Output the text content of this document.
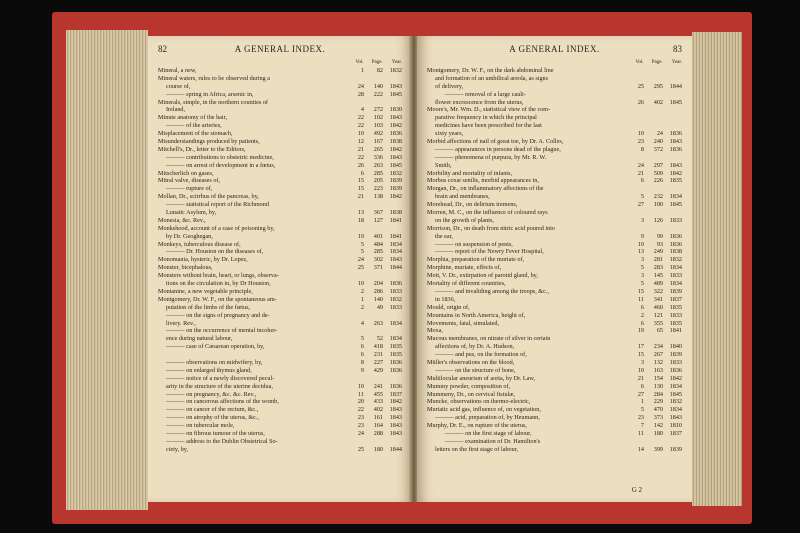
82	A GENERAL INDEX.
Vol. Page. Year.
Mineral, a new,	1	82	1832
Mineral waters, rules to be observed during a
course of,	24	140	1843
——— spring in Africa, arsenic in,	28	222	1845
Minerals, simple, in the northern counties of
Ireland,	4	272	1830
Minute anatomy of the hair,	22	102	1843
——— of the arteries,	22	103	1842
Misplacement of the stomach,	10	492	1836
Misunderstandings produced by patients,	12	167	1838
Mitchell's, Dr., letter to the Editors,	21	265	1842
——— contributions to obstetric medicine,	22	336	1843
——— on arrest of development in a fœtus,	26	263	1845
Mitscherlich on gases,	6	285	1832
Mitral valve, diseases of,	15	205	1839
——— rupture of,	15	223	1839
Mollan, Dr., scirrhus of the pancreas, by,	21	138	1842
——— statistical report of the Richmond
Lunatic Asylum, by,	13	367	1838
Monesia, &c. Rev.,	18	127	1841
Monkshood, account of a case of poisoning by,
by Dr. Geoghegan,	19	401	1841
Monkeys, tuberculous disease of,	5	484	1834
——— Dr. Houston on the diseases of,	5	285	1834
Monomania, hysteric, by Dr. Lopez,	24	302	1843
Monster, bicephalous,	25	371	1844
Monsters without brain, heart, or lungs, observa-
tions on the circulation in, by Dr Houston,	10	204	1836
Montanine, a new vegetable principle,	2	286	1833
Montgomery, Dr. W. F., on the spontaneous am-	1	140	1832
putation of the limbs of the fœtus,	2	49	1833
——— on the signs of pregnancy and de-
livery. Rev.,	4	263	1834
——— on the occurrence of mental incoher-
ence during natural labour,	5	52	1834
——— case of Cæsarean operation, by,	6	418	1835
6	231	1835
——— observations on midwifery, by,	8	227	1836
——— on enlarged thymus gland,	9	429	1836
——— notice of a newly discovered pecul-
arity in the structure of the uterine decidua,	10	241	1836
——— on pregnancy, &c. &c. Rev.,	11	455	1837
——— on cancerous affections of the womb,	20	433	1842
——— on cancer of the rectum, &c.,	22	402	1843
——— on atrophy of the uterus, &c.,	23	161	1843
——— on tubercular mole,	23	164	1843
——— on fibrous tumour of the uterus,	24	288	1843
——— address to the Dublin Obstetrical So-
ciety, by,	25	180	1844
A GENERAL INDEX.	83
Vol. Page. Year.
Montgomery, Dr. W. F., on the dark abdominal line
and formation of an umbilical areola, as signs
of delivery,	25	295	1844
——— removal of a large cauli-
flower excrescence from the uterus,	26	402	1845
Moore's, Mr. Wm. D., statistical view of the com-
parative frequency in which the principal
medicines have been prescribed for the last
sixty years,	10	24	1836
Morbid affections of nail of great toe, by Dr. A. Colles,	23	240	1843
——— appearances in persons dead of the plague,	8	372	1836
——— phenomena of purpura, by Mr. R. W.
Smith,	24	297	1843
Morbility and mortality of infants,	21	509	1842
Morbus coxæ senilis, morbid appearances in,	6	226	1835
Morgan, Dr., on inflammatory affections of the
brain and membranes,	5	232	1834
Morehead, Dr., on delirium tremens,	27	100	1845
Morren, M. C., on the influence of coloured rays
on the growth of plants,	3	126	1833
Morrison, Dr., on death from nitric acid poured into
the ear,	9	99	1836
——— on suspension of penis,	10	93	1836
——— report of the Newry Fever Hospital,	13	249	1838
Morphia, preparation of the muriate of,	3	281	1832
Morphine, muriate, effects of,	5	283	1834
Mott, V. Dr., extirpation of parotid gland, by,	3	145	1833
Mortality of different countries,	5	489	1834
——— and invaliding among the troops, &c.,	15	322	1839
in 1836,	11	341	1837
Mould, origin of,	6	460	1835
Mountains in North America, height of,	2	121	1833
Movements, fatal, simulated,	6	355	1835
Moxa,	19	65	1841
Mucous membranes, on nitrate of silver in certain
affections of, by Dr. A. Hudson,	17	234	1840
——— and pus, on the formation of,	15	267	1839
Müller's observations on the blood,	3	132	1833
——— on the structure of bone,	10	163	1836
Multilocular aneurism of aorta, by Dr. Law,	21	154	1842
Mummy powder, composition of,	6	130	1834
Mummeny, Dr., on cervical fistulæ,	27	284	1845
Muncke, observations on thermo-electric,	1	229	1832
Muriatic acid gas, influence of, on vegetation,	5	470	1834
——— acid, preparation of, by Heumann,	23	373	1843
Murphy, Dr. E., on rupture of the uterus,	7	142	1810
——— on the first stage of labour,	11	180	1837
——— examination of Dr. Hamilton's
letters on the first stage of labour,	14	399	1839
G 2
